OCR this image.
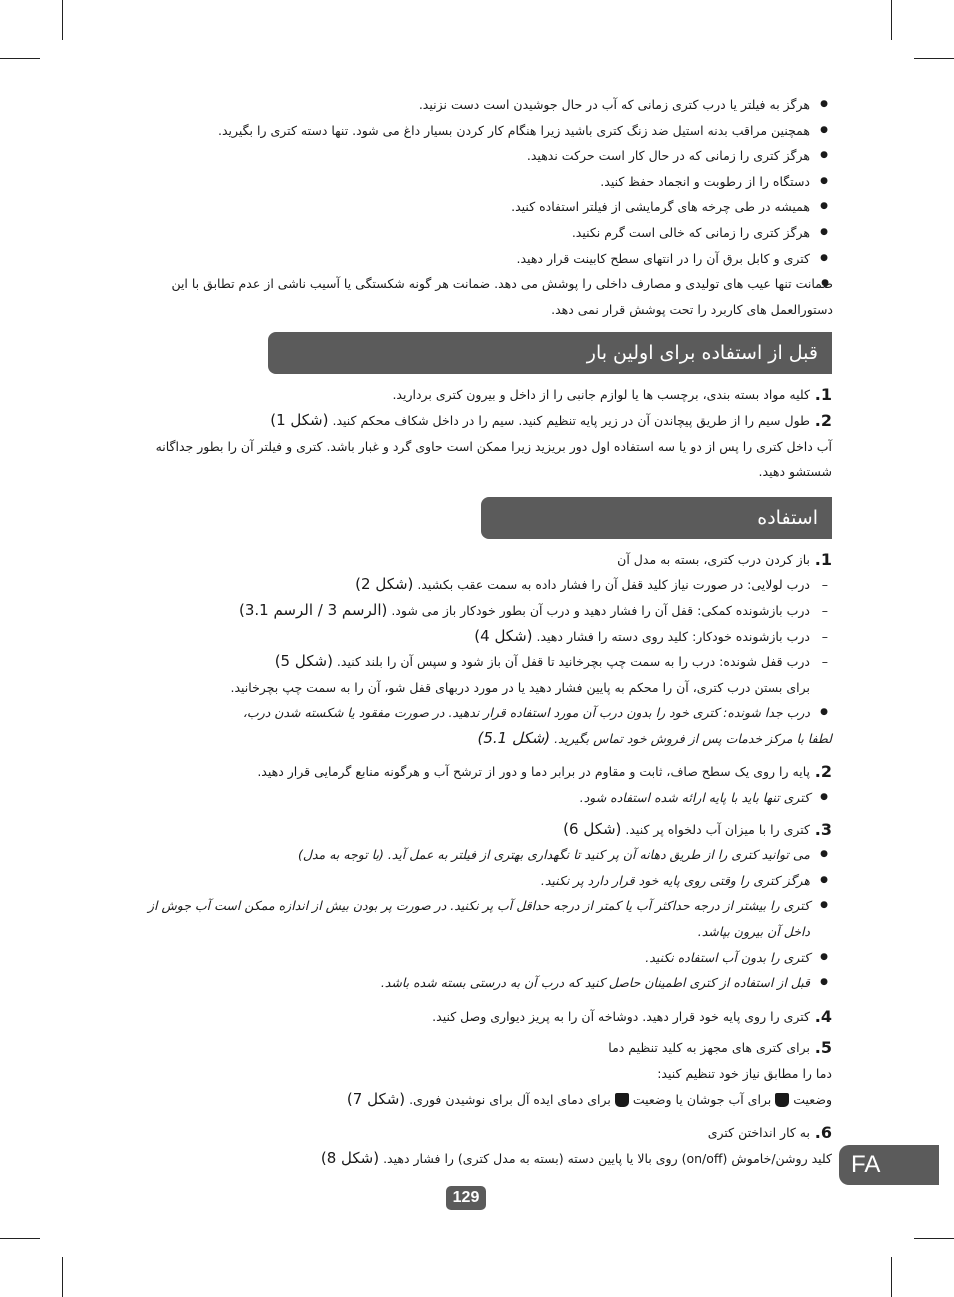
● هرگز به فیلتر یا درب کتری زمانی که آب در حال جوشیدن است دست نزنید.
● همچنین مراقب بدنه استیل ضد زنگ کتری باشید زیرا هنگام کار کردن بسیار داغ می شود. تنها دسته کتری را بگیرید.
● هرگز کتری را زمانی که در حال کار است حرکت ندهید.
● دستگاه را از رطوبت و انجماد حفظ کنید.
● همیشه در طی چرخه های گرمایشی از فیلتر استفاده کنید.
● هرگز کتری را زمانی که خالی است گرم نکنید.
● کتری و کابل برق آن را در انتهای سطح کابینت قرار دهید.
● ضمانت تنها عیب های تولیدی و مصارف داخلی را پوشش می دهد. ضمانت هر گونه شکستگی یا آسیب ناشی از عدم تطابق با این دستورالعمل های کاربرد را تحت پوشش قرار نمی دهد.
قبل از استفاده برای اولین بار
1.
کلیه مواد بسته بندی، برچسب ها یا لوازم جانبی را از داخل و بیرون کتری بردارید.
2.
طول سیم را از طریق پیچاندن آن در زیر پایه تنظیم کنید. سیم را در داخل شکاف محکم کنید. (شکل 1)
آب داخل کتری را پس از دو یا سه استفاده اول دور بریزید زیرا ممکن است حاوی گرد و غبار باشد. کتری و فیلتر آن را بطور جداگانه شستشو دهید.
استفاده
1.
باز کردن درب کتری، بسته به مدل آن
– درب لولایی: در صورت نیاز کلید قفل آن را فشار داده به سمت عقب بکشید. (شکل 2)
– درب بازشونده کمکی: قفل آن را فشار دهید و درب آن بطور خودکار باز می شود. (الرسم 3 / الرسم 3.1)
– درب بازشونده خودکار: کلید روی دسته را فشار دهید. (شکل 4)
– درب قفل شونده: درب را به سمت چپ بچرخانید تا قفل آن باز شود و سپس آن را بلند کنید. (شکل 5)
برای بستن درب کتری، آن را محکم به پایین فشار دهید یا در مورد دربهای قفل شو، آن را به سمت چپ بچرخانید.
● درب جدا شونده: کتری خود را بدون درب آن مورد استفاده قرار ندهید. در صورت مفقود یا شکسته شدن درب،
لطفا با مرکز خدمات پس از فروش خود تماس بگیرید. (شکل 5.1)
2.
پایه را روی یک سطح صاف، ثابت و مقاوم در برابر دما و دور از ترشح آب و هرگونه منابع گرمایی قرار دهید.
● کتری تنها باید با پایه ارائه شده استفاده شود.
3.
کتری را با میزان آب دلخواه پر کنید. (شکل 6)
● می توانید کتری را از طریق دهانه آن پر کنید تا نگهداری بهتری از فیلتر به عمل آید. (با توجه به مدل)
● هرگز کتری را وقتی روی پایه خود قرار دارد پر نکنید.
● کتری را بیشتر از درجه حداکثر آب یا کمتر از درجه حداقل آب پر نکنید. در صورت پر بودن بیش از اندازه ممکن است آب جوش از داخل آن بیرون بپاشد.
● کتری را بدون آب استفاده نکنید.
● قبل از استفاده از کتری اطمینان حاصل کنید که درب آن به درستی بسته شده باشد.
4.
کتری را روی پایه خود قرار دهید. دوشاخه آن را به پریز دیواری وصل کنید.
5.
برای کتری های مجهز به کلید تنظیم دما
دما را مطابق نیاز خود تنظیم کنید:
وضعیت  برای آب جوشان یا وضعیت  برای دمای ایده آل برای نوشیدن فوری. (شکل 7)
6.
به کار انداختن کتری
کلید روشن/خاموش (on/off) روی بالا یا پایین دسته (بسته به مدل کتری) را فشار دهید. (شکل 8)	FA
129
